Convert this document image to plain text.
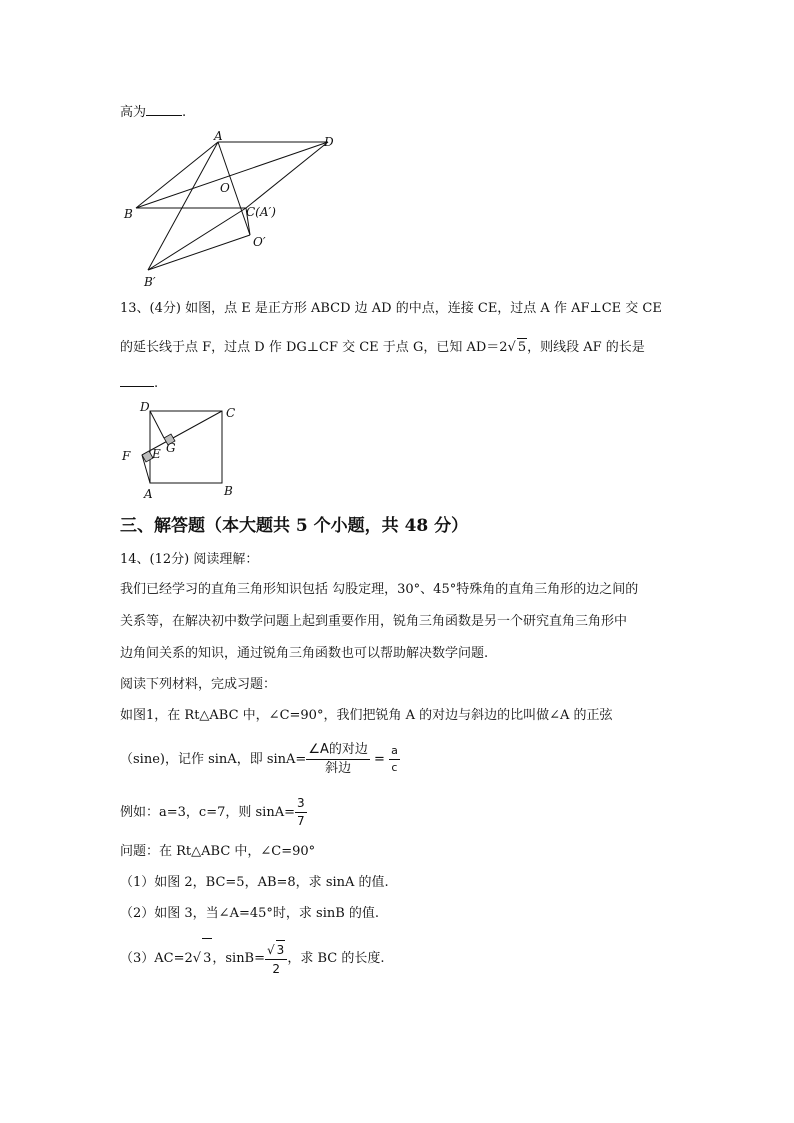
高为	.
A	D
O
B	C(A′)
O′
B′
13、(4分) 如图，点 E 是正方形 ABCD 边 AD 的中点，连接 CE，过点 A 作 AF⊥CE 交 CE
的延长线于点 F，过点 D 作 DG⊥CF 交 CE 于点 G，已知 AD＝2√ 5，则线段 AF 的长是
.
D	C
G
F E
A	B
三、解答题（本大题共 5 个小题，共 48 分）
14、(12分) 阅读理解：
我们已经学习的直角三角形知识包括 勾股定理，30°、45°特殊角的直角三角形的边之间的
关系等，在解决初中数学问题上起到重要作用，锐角三角函数是另一个研究直角三角形中
边角间关系的知识，通过锐角三角函数也可以帮助解决数学问题.
阅读下列材料，完成习题：
如图1，在 Rt△ABC 中，∠C=90°，我们把锐角 A 的对边与斜边的比叫做∠A 的正弦
（sine)，记作 sinA，即 $\sin A= \frac{\text{∠A的对边}}{\text{斜边}} = \frac{a}{c}$
例如：a=3，c=7，则 $\sin A= \frac{3}{7}$
问题：在 Rt△ABC 中，∠C=90°
（1）如图 2，BC=5，AB=8，求 sinA 的值.
（2）如图 3，当∠A=45°时，求 sinB 的值.
（3）AC=2√ 3，$\sin B= \frac{√ 3}{2}$ ，求 BC 的长度.
